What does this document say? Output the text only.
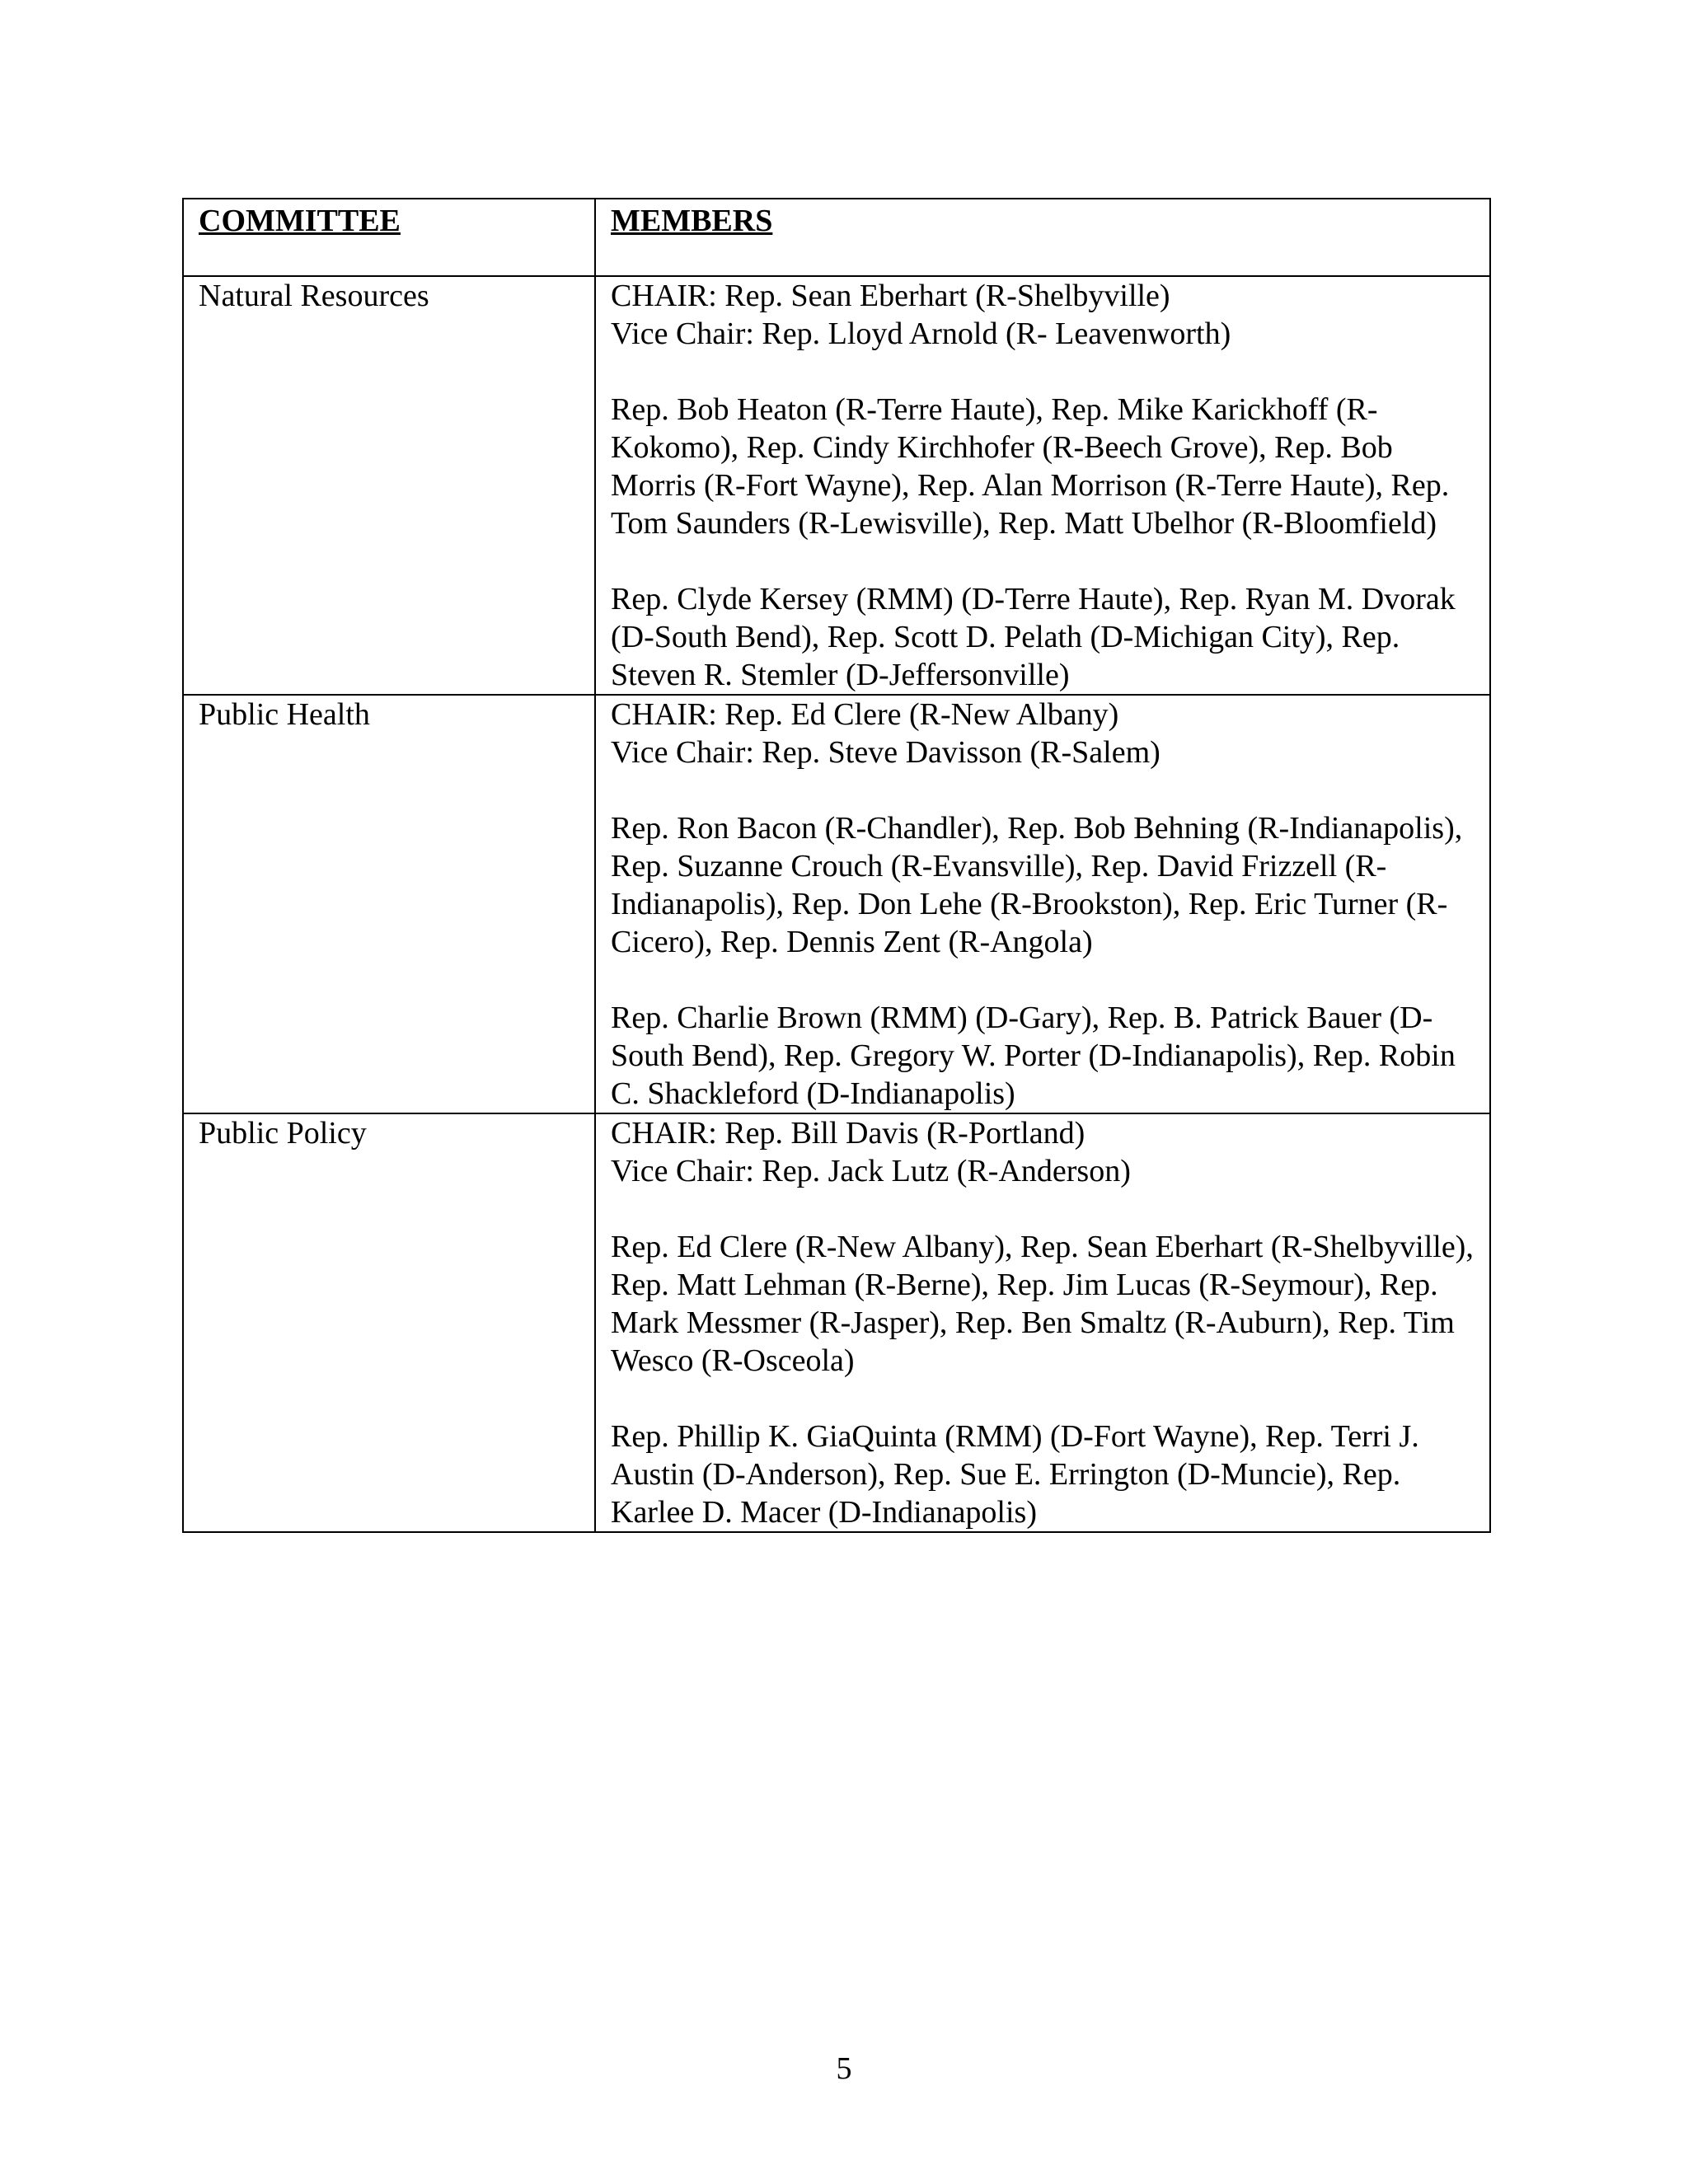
COMMITTEE	MEMBERS
Natural Resources	CHAIR: Rep. Sean Eberhart (R-Shelbyville)

Vice Chair: Rep. Lloyd Arnold (R- Leavenworth)

Rep. Bob Heaton (R-Terre Haute), Rep. Mike Karickhoff (R-Kokomo), Rep. Cindy Kirchhofer (R-Beech Grove), Rep. Bob Morris (R-Fort Wayne), Rep. Alan Morrison (R-Terre Haute), Rep. Tom Saunders (R-Lewisville), Rep. Matt Ubelhor (R-Bloomfield)

Rep. Clyde Kersey (RMM) (D-Terre Haute), Rep. Ryan M. Dvorak (D-South Bend), Rep. Scott D. Pelath (D-Michigan City), Rep. Steven R. Stemler (D-Jeffersonville)

Public Health	CHAIR: Rep. Ed Clere (R-New Albany)

Vice Chair: Rep. Steve Davisson (R-Salem)

Rep. Ron Bacon (R-Chandler), Rep. Bob Behning (R-Indianapolis), Rep. Suzanne Crouch (R-Evansville), Rep. David Frizzell (R-Indianapolis), Rep. Don Lehe (R-Brookston), Rep. Eric Turner (R-Cicero), Rep. Dennis Zent (R-Angola)

Rep. Charlie Brown (RMM) (D-Gary), Rep. B. Patrick Bauer (D-South Bend), Rep. Gregory W. Porter (D-Indianapolis), Rep. Robin C. Shackleford (D-Indianapolis)

Public Policy	CHAIR: Rep. Bill Davis (R-Portland)

Vice Chair: Rep. Jack Lutz (R-Anderson)

Rep. Ed Clere (R-New Albany), Rep. Sean Eberhart (R-Shelbyville), Rep. Matt Lehman (R-Berne), Rep. Jim Lucas (R-Seymour), Rep. Mark Messmer (R-Jasper), Rep. Ben Smaltz (R-Auburn), Rep. Tim Wesco (R-Osceola)

Rep. Phillip K. GiaQuinta (RMM) (D-Fort Wayne), Rep. Terri J. Austin (D-Anderson), Rep. Sue E. Errington (D-Muncie), Rep. Karlee D. Macer (D-Indianapolis)

5
